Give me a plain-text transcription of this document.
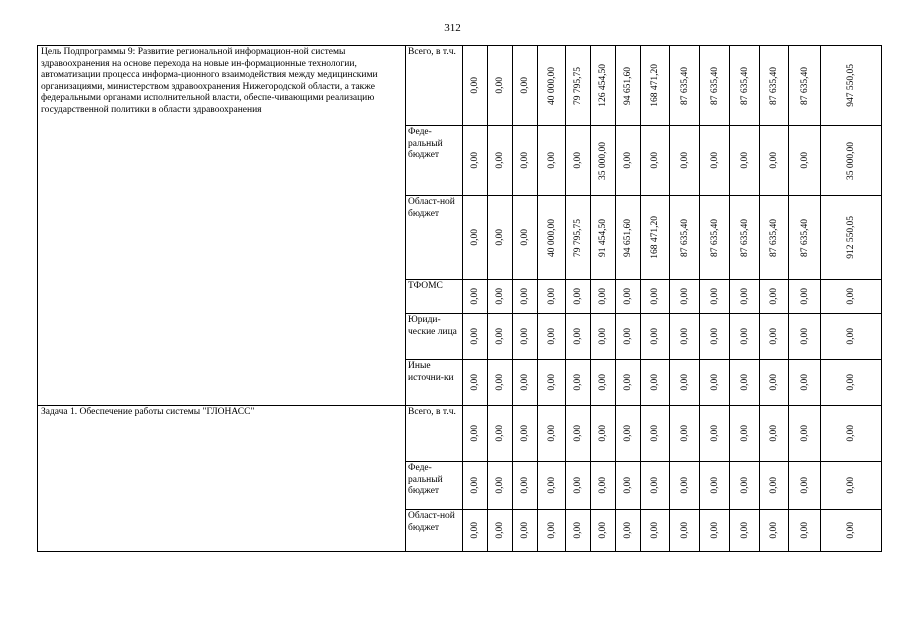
312
Цель Подпрограммы 9: Развитие региональной информацион-ной системы здравоохранения на основе перехода на новые ин-формационные технологии, автоматизации процесса информа-ционного взаимодействия между медицинскими организациями, министерством здравоохранения Нижегородской области, а также федеральными органами исполнительной власти, обеспе-чивающими реализацию государственной политики в области здравоохранения	Всего, в т.ч.	0,00	0,00	0,00	40 000,00	79 795,75	126 454,50	94 651,60	168 471,20	87 635,40	87 635,40	87 635,40	87 635,40	87 635,40	947 550,05

	Феде-ральный бюджет	0,00	0,00	0,00	0,00	0,00	35 000,00	0,00	0,00	0,00	0,00	0,00	0,00	0,00	35 000,00

	Област-ной бюджет	0,00	0,00	0,00	40 000,00	79 795,75	91 454,50	94 651,60	168 471,20	87 635,40	87 635,40	87 635,40	87 635,40	87 635,40	912 550,05

	ТФОМС	0,00	0,00	0,00	0,00	0,00	0,00	0,00	0,00	0,00	0,00	0,00	0,00	0,00	0,00

	Юриди-ческие лица	0,00	0,00	0,00	0,00	0,00	0,00	0,00	0,00	0,00	0,00	0,00	0,00	0,00	0,00

	Иные источни-ки	0,00	0,00	0,00	0,00	0,00	0,00	0,00	0,00	0,00	0,00	0,00	0,00	0,00	0,00

Задача 1. Обеспечение работы системы "ГЛОНАСС"	Всего, в т.ч.	0,00	0,00	0,00	0,00	0,00	0,00	0,00	0,00	0,00	0,00	0,00	0,00	0,00	0,00

	Феде-ральный бюджет	0,00	0,00	0,00	0,00	0,00	0,00	0,00	0,00	0,00	0,00	0,00	0,00	0,00	0,00

	Област-ной бюджет	0,00	0,00	0,00	0,00	0,00	0,00	0,00	0,00	0,00	0,00	0,00	0,00	0,00	0,00
